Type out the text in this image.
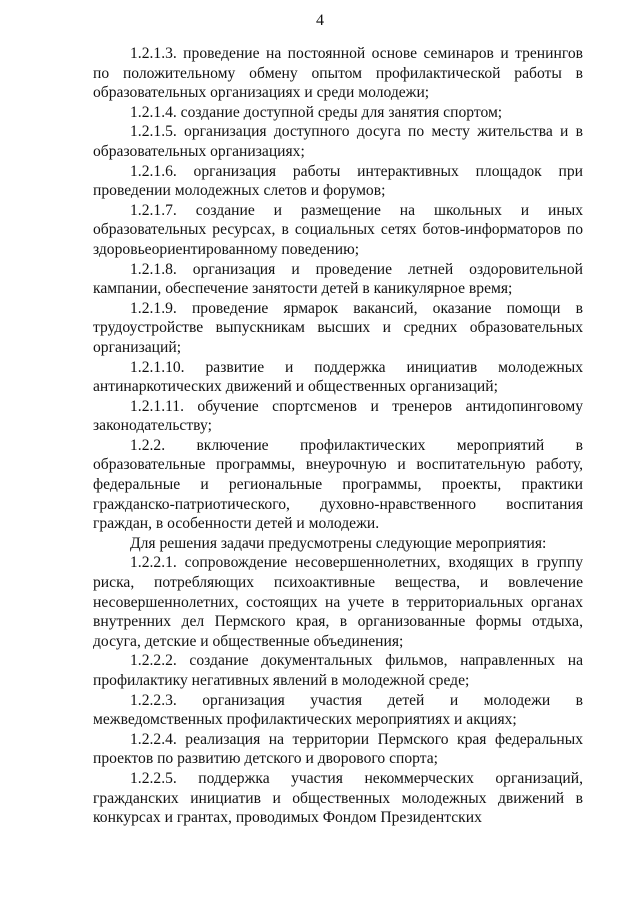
4

1.2.1.3. проведение на постоянной основе семинаров и тренингов по положительному обмену опытом профилактической работы в образовательных организациях и среди молодежи;

1.2.1.4. создание доступной среды для занятия спортом;

1.2.1.5. организация доступного досуга по месту жительства и в образовательных организациях;

1.2.1.6. организация работы интерактивных площадок при проведении молодежных слетов и форумов;

1.2.1.7. создание и размещение на школьных и иных образовательных ресурсах, в социальных сетях ботов-информаторов по здоровьеориентированному поведению;

1.2.1.8. организация и проведение летней оздоровительной кампании, обеспечение занятости детей в каникулярное время;

1.2.1.9. проведение ярмарок вакансий, оказание помощи в трудоустройстве выпускникам высших и средних образовательных организаций;

1.2.1.10. развитие и поддержка инициатив молодежных антинаркотических движений и общественных организаций;

1.2.1.11. обучение спортсменов и тренеров антидопинговому законодательству;

1.2.2. включение профилактических мероприятий в образовательные программы, внеурочную и воспитательную работу, федеральные и региональные программы, проекты, практики гражданско-патриотического, духовно-нравственного воспитания граждан, в особенности детей и молодежи.

Для решения задачи предусмотрены следующие мероприятия:

1.2.2.1. сопровождение несовершеннолетних, входящих в группу риска, потребляющих психоактивные вещества, и вовлечение несовершеннолетних, состоящих на учете в территориальных органах внутренних дел Пермского края, в организованные формы отдыха, досуга, детские и общественные объединения;

1.2.2.2. создание документальных фильмов, направленных на профилактику негативных явлений в молодежной среде;

1.2.2.3. организация участия детей и молодежи в межведомственных профилактических мероприятиях и акциях;

1.2.2.4. реализация на территории Пермского края федеральных проектов по развитию детского и дворового спорта;

1.2.2.5. поддержка участия некоммерческих организаций, гражданских инициатив и общественных молодежных движений в конкурсах и грантах, проводимых Фондом Президентских
